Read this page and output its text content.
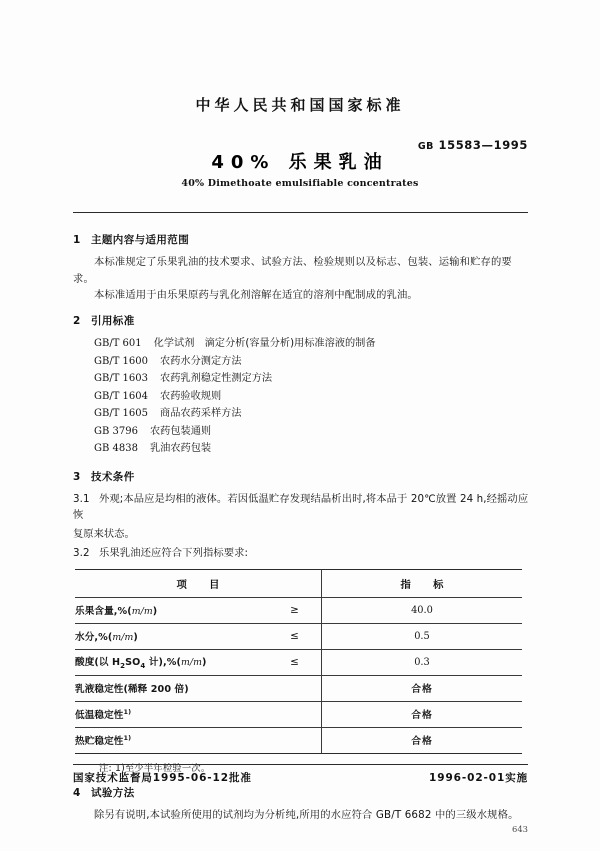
中华人民共和国国家标准
GB 15583—1995
40% 乐果乳油
40% Dimethoate emulsifiable concentrates
1 主题内容与适用范围

本标准规定了乐果乳油的技术要求、试验方法、检验规则以及标志、包装、运输和贮存的要求。

本标准适用于由乐果原药与乳化剂溶解在适宜的溶剂中配制成的乳油。

2 引用标准
GB/T 601 化学试剂　滴定分析(容量分析)用标准溶液的制备
GB/T 1600 农药水分测定方法
GB/T 1603 农药乳剂稳定性测定方法
GB/T 1604 农药验收规则
GB/T 1605 商品农药采样方法
GB 3796 农药包装通则
GB 4838 乳油农药包装
3 技术条件

3.1 外观;本品应是均相的液体。若因低温贮存发现结晶析出时,将本品于 20℃放置 24 h,经摇动应恢

复原来状态。

3.2 乐果乳油还应符合下列指标要求:

项　目	指　标
乐果含量,%(m/m) ≥	40.0
水分,%(m/m) ≤	0.5
酸度(以 $H_2SO_4$ 计),%(m/m) ≤	0.3
乳液稳定性(稀释 200 倍)	合格
低温稳定性$^{1)}$	合格
热贮稳定性$^{1)}$	合格
注: 1)至少半年检验一次。
4 试验方法

除另有说明,本试验所使用的试剂均为分析纯,所用的水应符合 GB/T 6682 中的三级水规格。

国家技术监督局1995-06-12批准	1996-02-01实施
643
